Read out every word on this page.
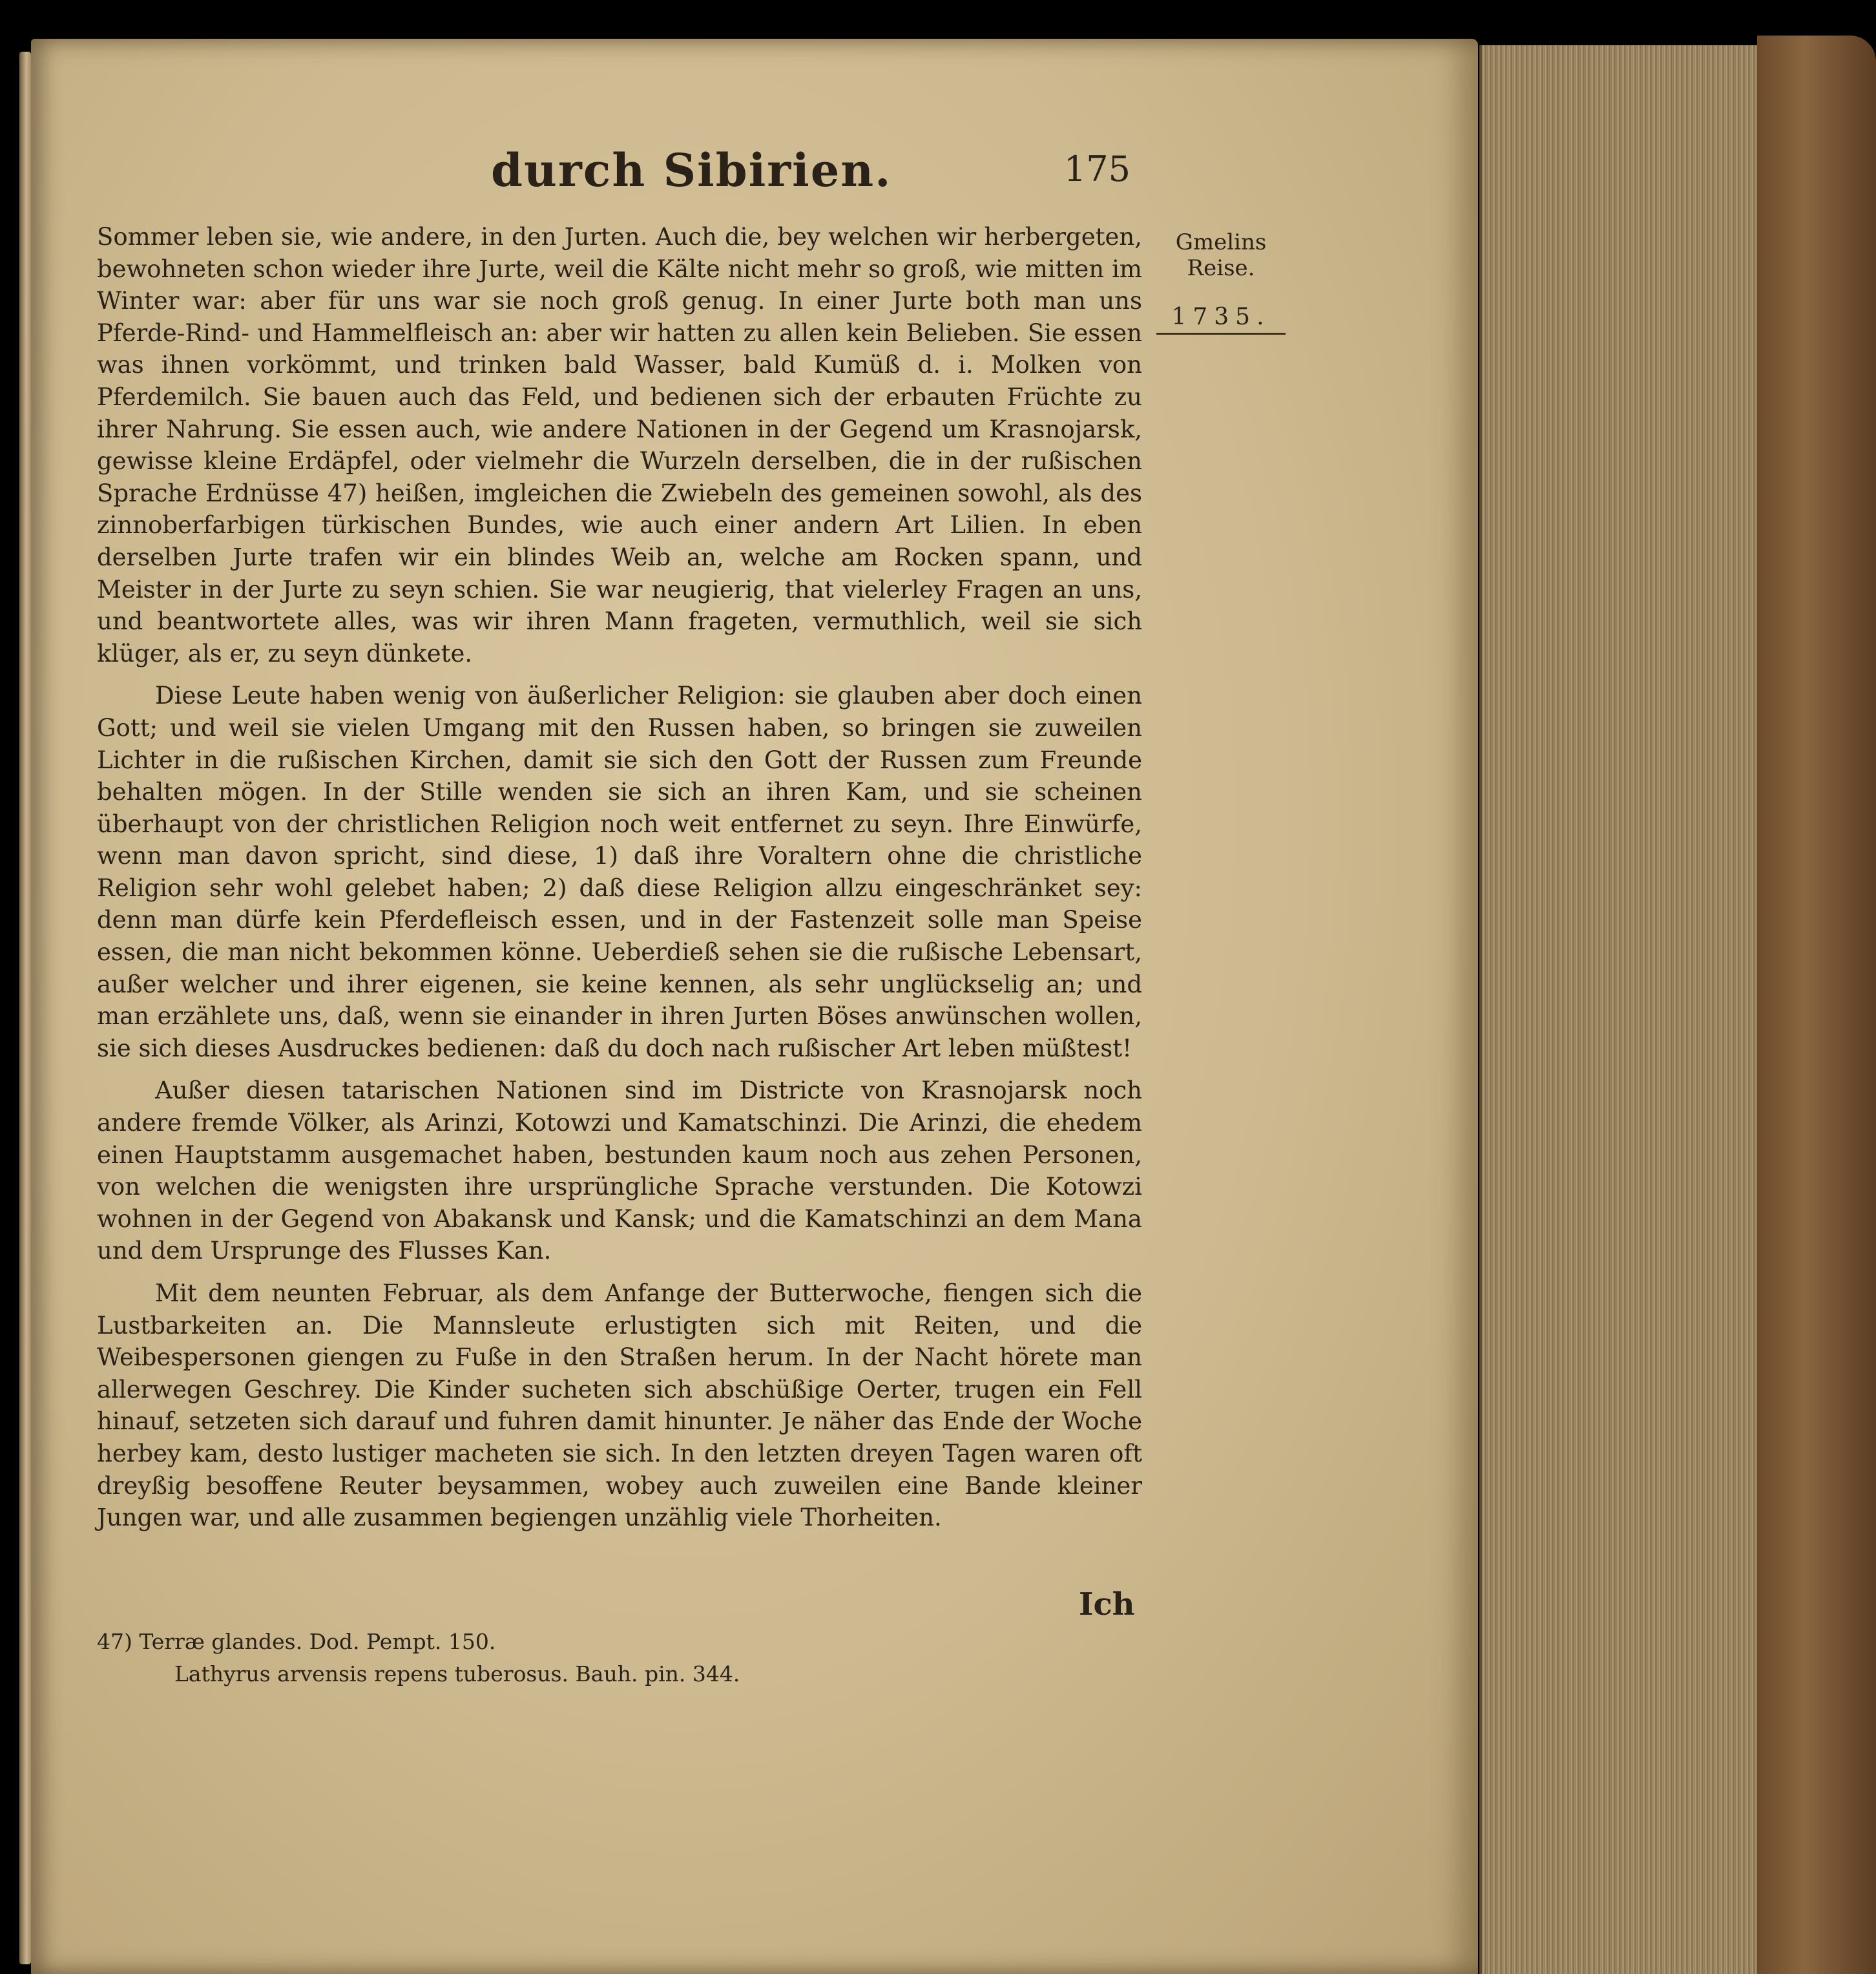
durch Sibirien.	175
Gmelins
Reise.
1735.

Sommer leben sie, wie andere, in den Jurten. Auch die, bey welchen wir herbergeten, bewohneten schon wieder ihre Jurte, weil die Kälte nicht mehr so groß, wie mitten im Winter war: aber für uns war sie noch groß genug. In einer Jurte both man uns Pferde-Rind- und Hammelfleisch an: aber wir hatten zu allen kein Belieben. Sie essen was ihnen vorkömmt, und trinken bald Wasser, bald Kumüß d. i. Molken von Pferdemilch. Sie bauen auch das Feld, und bedienen sich der erbauten Früchte zu ihrer Nahrung. Sie essen auch, wie andere Nationen in der Gegend um Krasnojarsk, gewisse kleine Erdäpfel, oder vielmehr die Wurzeln derselben, die in der rußischen Sprache Erdnüsse 47) heißen, imgleichen die Zwiebeln des gemeinen sowohl, als des zinnoberfarbigen türkischen Bundes, wie auch einer andern Art Lilien. In eben derselben Jurte trafen wir ein blindes Weib an, welche am Rocken spann, und Meister in der Jurte zu seyn schien. Sie war neugierig, that vielerley Fragen an uns, und beantwortete alles, was wir ihren Mann frageten, vermuthlich, weil sie sich klüger, als er, zu seyn dünkete.

Diese Leute haben wenig von äußerlicher Religion: sie glauben aber doch einen Gott; und weil sie vielen Umgang mit den Russen haben, so bringen sie zuweilen Lichter in die rußischen Kirchen, damit sie sich den Gott der Russen zum Freunde behalten mögen. In der Stille wenden sie sich an ihren Kam, und sie scheinen überhaupt von der christlichen Religion noch weit entfernet zu seyn. Ihre Einwürfe, wenn man davon spricht, sind diese, 1) daß ihre Voraltern ohne die christliche Religion sehr wohl gelebet haben; 2) daß diese Religion allzu eingeschränket sey: denn man dürfe kein Pferdefleisch essen, und in der Fastenzeit solle man Speise essen, die man nicht bekommen könne. Ueberdieß sehen sie die rußische Lebensart, außer welcher und ihrer eigenen, sie keine kennen, als sehr unglückselig an; und man erzählete uns, daß, wenn sie einander in ihren Jurten Böses anwünschen wollen, sie sich dieses Ausdruckes bedienen: daß du doch nach rußischer Art leben müßtest!

Außer diesen tatarischen Nationen sind im Districte von Krasnojarsk noch andere fremde Völker, als Arinzi, Kotowzi und Kamatschinzi. Die Arinzi, die ehedem einen Hauptstamm ausgemachet haben, bestunden kaum noch aus zehen Personen, von welchen die wenigsten ihre ursprüngliche Sprache verstunden. Die Kotowzi wohnen in der Gegend von Abakansk und Kansk; und die Kamatschinzi an dem Mana und dem Ursprunge des Flusses Kan.

Mit dem neunten Februar, als dem Anfange der Butterwoche, fiengen sich die Lustbarkeiten an. Die Mannsleute erlustigten sich mit Reiten, und die Weibespersonen giengen zu Fuße in den Straßen herum. In der Nacht hörete man allerwegen Geschrey. Die Kinder sucheten sich abschüßige Oerter, trugen ein Fell hinauf, setzeten sich darauf und fuhren damit hinunter. Je näher das Ende der Woche herbey kam, desto lustiger macheten sie sich. In den letzten dreyen Tagen waren oft dreyßig besoffene Reuter beysammen, wobey auch zuweilen eine Bande kleiner Jungen war, und alle zusammen begiengen unzählig viele Thorheiten.

Ich
47) Terræ glandes. Dod. Pempt. 150.
Lathyrus arvensis repens tuberosus. Bauh. pin. 344.
